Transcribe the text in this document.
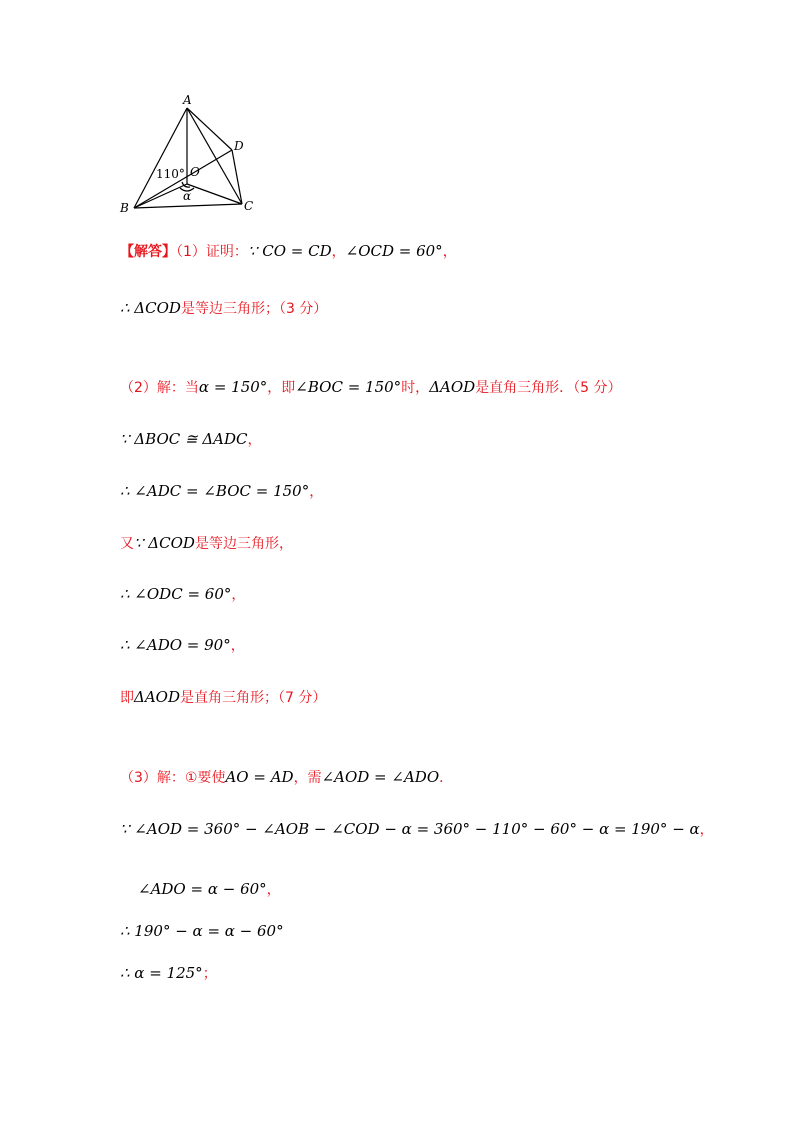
A
B	C
D
O
110°
α
【解答】（1）证明：∵ CO = CD，∠OCD = 60°，
∴ ΔCOD是等边三角形；（3 分）
（2）解：当α = 150°，即∠BOC = 150°时，ΔAOD是直角三角形．（5 分）
∵ ΔBOC ≅ ΔADC，
∴ ∠ADC = ∠BOC = 150°，
又∵ ΔCOD是等边三角形，
∴ ∠ODC = 60°，
∴ ∠ADO = 90°，
即ΔAOD是直角三角形；（7 分）
（3）解：①要使AO = AD，需∠AOD = ∠ADO．
∵ ∠AOD = 360° − ∠AOB − ∠COD − α = 360° − 110° − 60° − α = 190° − α，
∠ADO = α − 60°，
∴ 190° − α = α − 60°
∴ α = 125°；
